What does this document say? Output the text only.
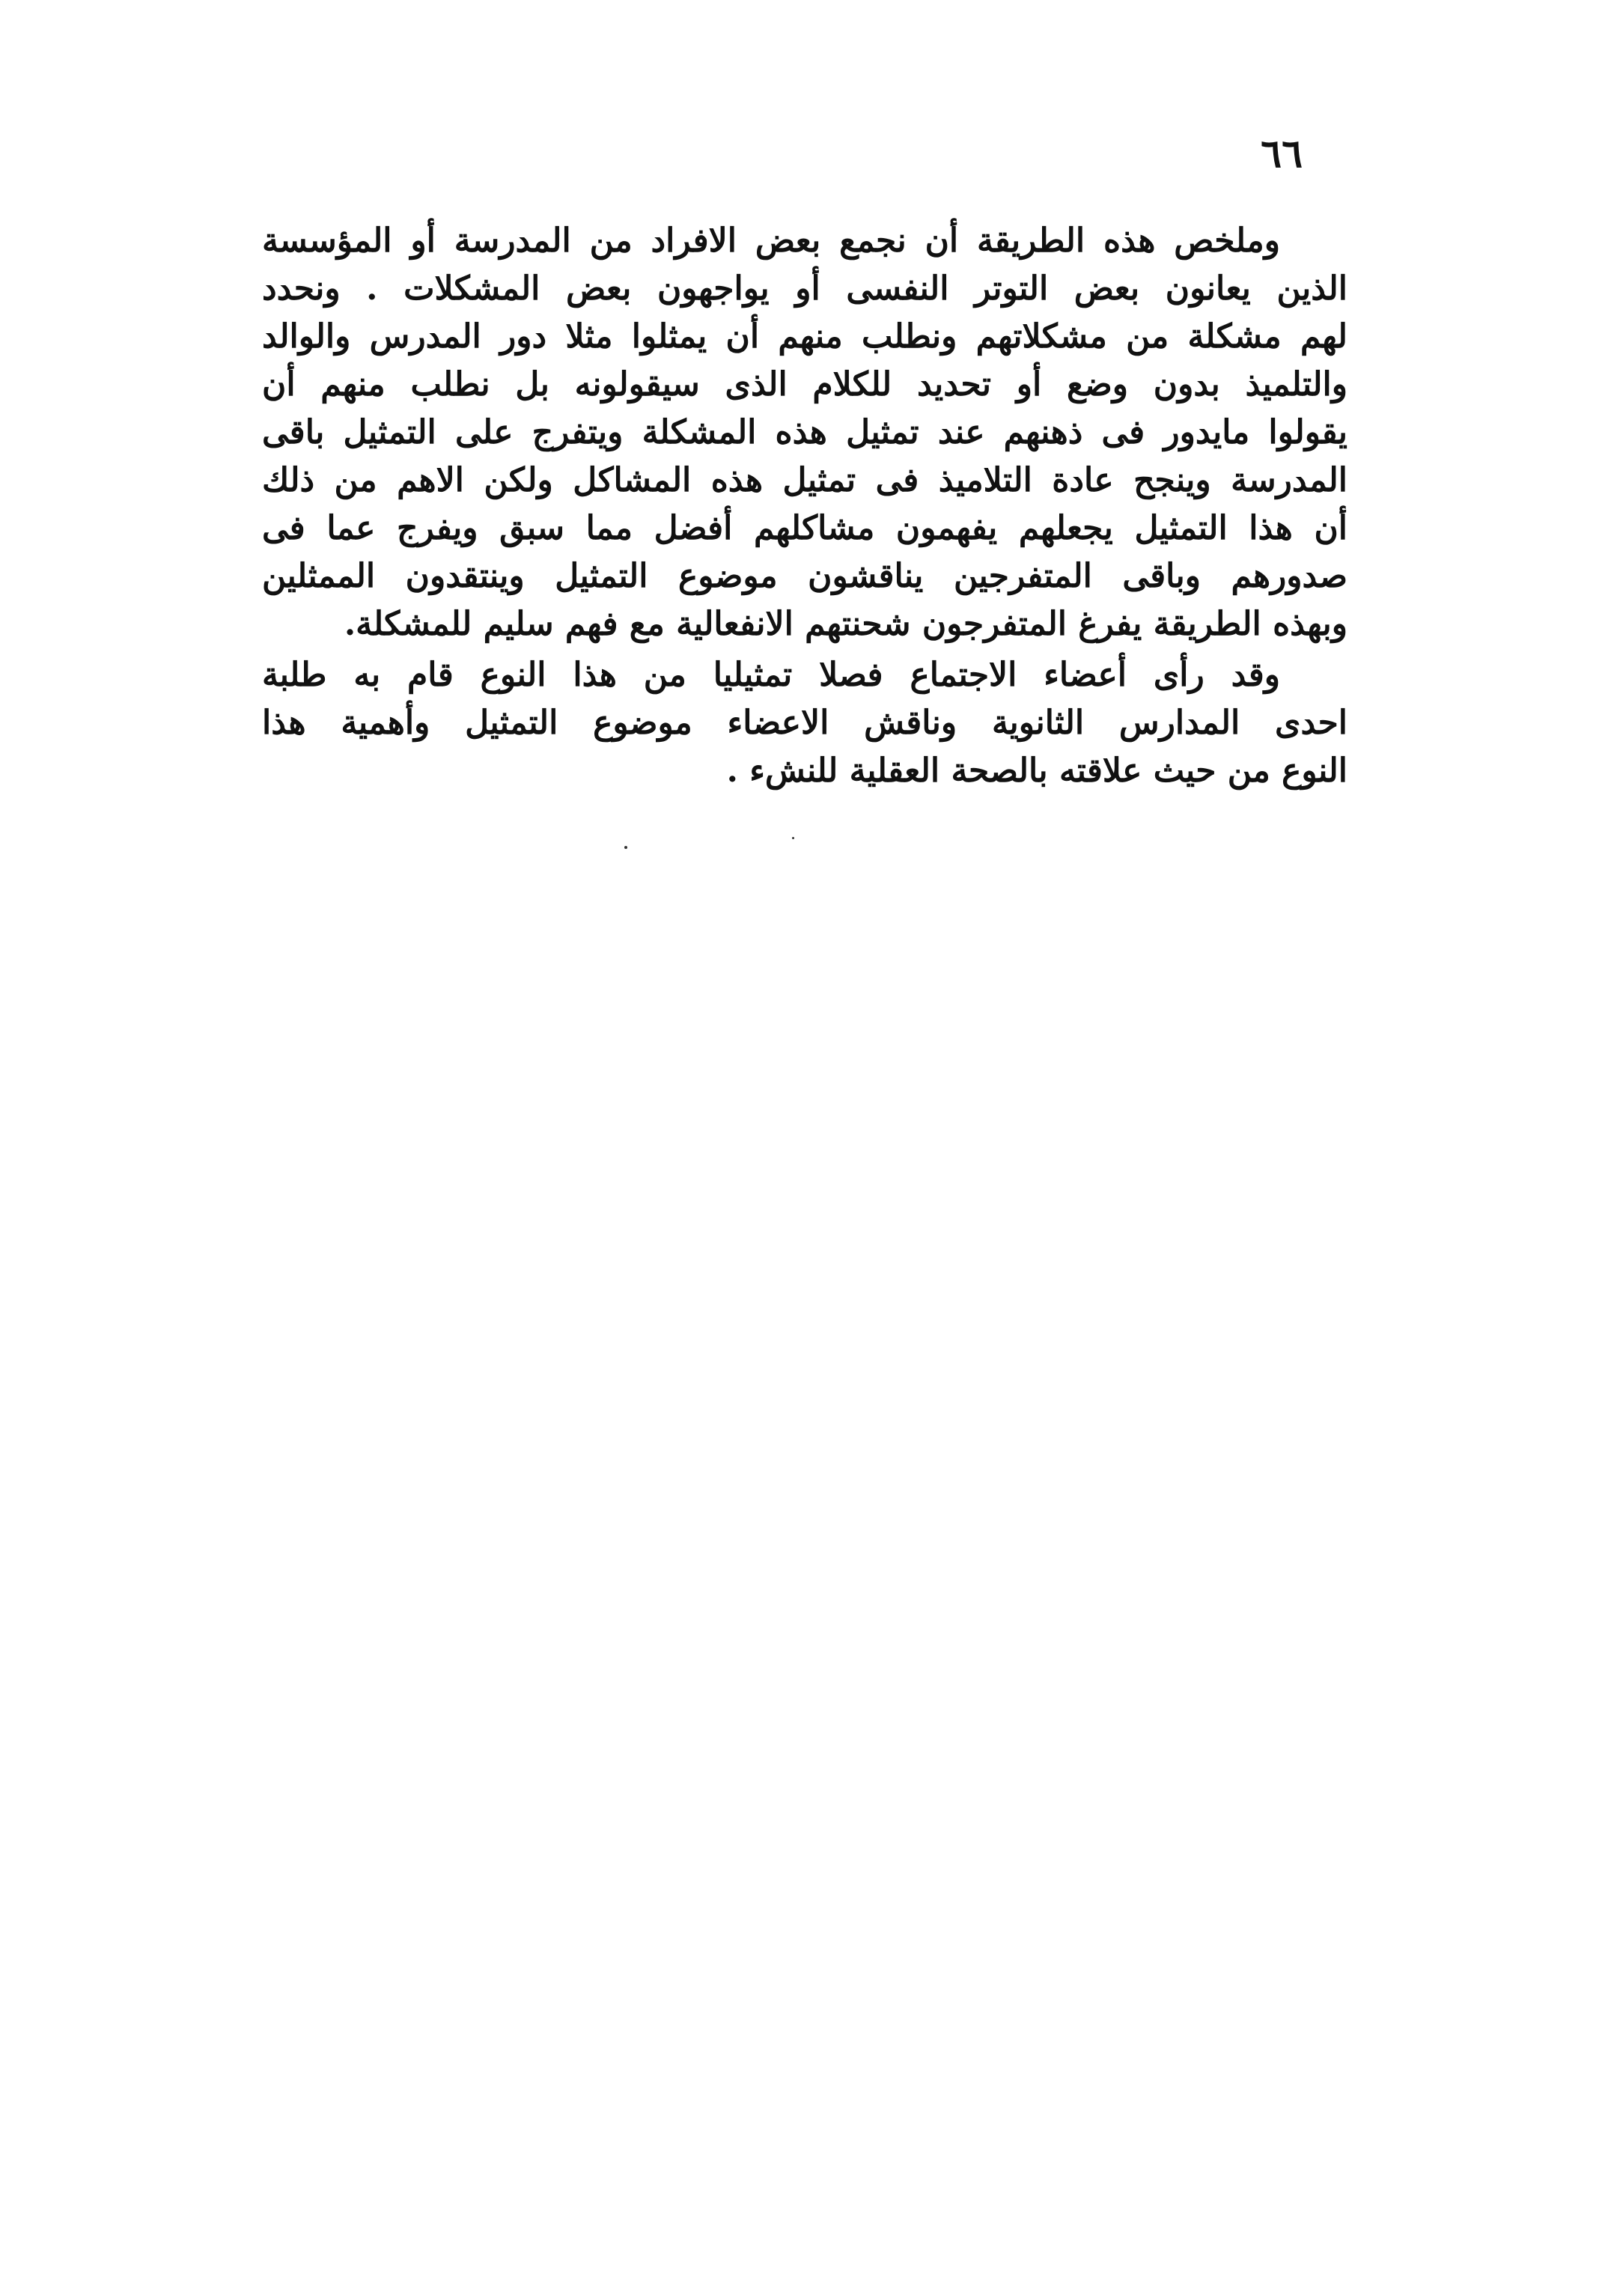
٦٦
وملخص هذه الطريقة أن نجمع بعض الافراد من المدرسة أو المؤسسة
الذين يعانون بعض التوتر النفسى أو يواجهون بعض المشكلات . ونحدد
لهم مشكلة من مشكلاتهم ونطلب منهم أن يمثلوا مثلا دور المدرس والوالد
والتلميذ بدون وضع أو تحديد للكلام الذى سيقولونه بل نطلب منهم أن
يقولوا مايدور فى ذهنهم عند تمثيل هذه المشكلة ويتفرج على التمثيل باقى
المدرسة وينجح عادة التلاميذ فى تمثيل هذه المشاكل ولكن الاهم من ذلك
أن هذا التمثيل يجعلهم يفهمون مشاكلهم أفضل مما سبق ويفرج عما فى
صدورهم وباقى المتفرجين يناقشون موضوع التمثيل وينتقدون الممثلين
وبهذه الطريقة يفرغ المتفرجون شحنتهم الانفعالية مع فهم سليم للمشكلة.
وقد رأى أعضاء الاجتماع فصلا تمثيليا من هذا النوع قام به طلبة
احدى المدارس الثانوية وناقش الاعضاء موضوع التمثيل وأهمية هذا
النوع من حيث علاقته بالصحة العقلية للنشء .
